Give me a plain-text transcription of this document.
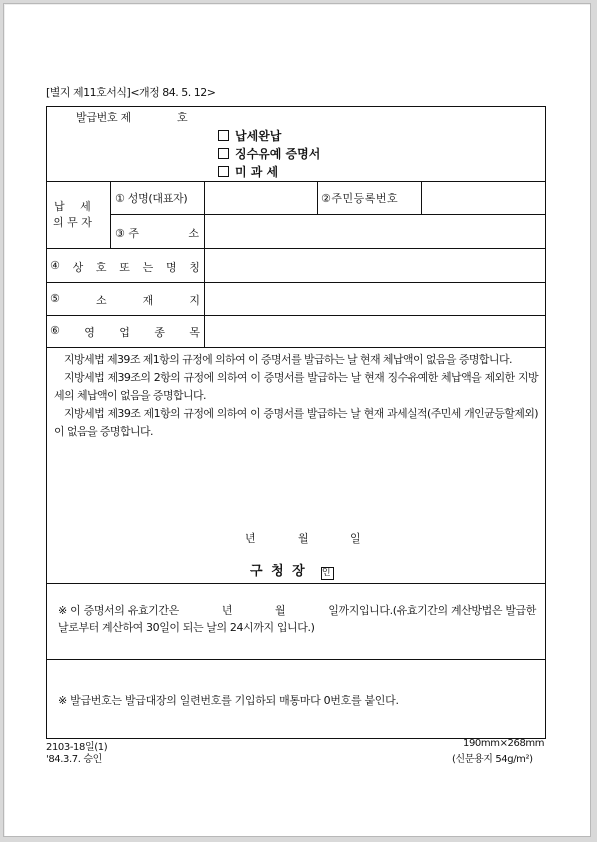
[별지 제11호서식]<개정 84. 5. 12>
발급번호 제	호
납세완납
징수유예 증명서
미 과 세
납 세
의 무 자
① 성명(대표자)	②주민등록번호
③ 주	소
④ 상 호 또 는 명 칭
⑤	소	재	지
⑥ 영 업 종 목

지방세법 제39조 제1항의 규정에 의하여 이 증명서를 발급하는 날 현재 체납액이 없음을 증명합니다.

지방세법 제39조의 2항의 규정에 의하여 이 증명서를 발급하는 날 현재 징수유예한 체납액을 제외한 지방세의 체납액이 없음을 증명합니다.

지방세법 제39조 제1항의 규정에 의하여 이 증명서를 발급하는 날 현재 과세실적(주민세 개인균등할제외)이 없음을 증명합니다.

년	월	일
구 청 장 인

※ 이 증명서의 유효기간은　　　　년　　　　월　　　　일까지입니다.(유효기간의 계산방법은 발급한 날로부터 계산하여 30일이 되는 날의 24시까지 입니다.)

※ 발급번호는 발급대장의 일련번호를 기입하되 매통마다 0번호를 붙인다.
2103-18일(1)
'84.3.7. 승인
190mm×268mm
(신문용지 54g/m²)
